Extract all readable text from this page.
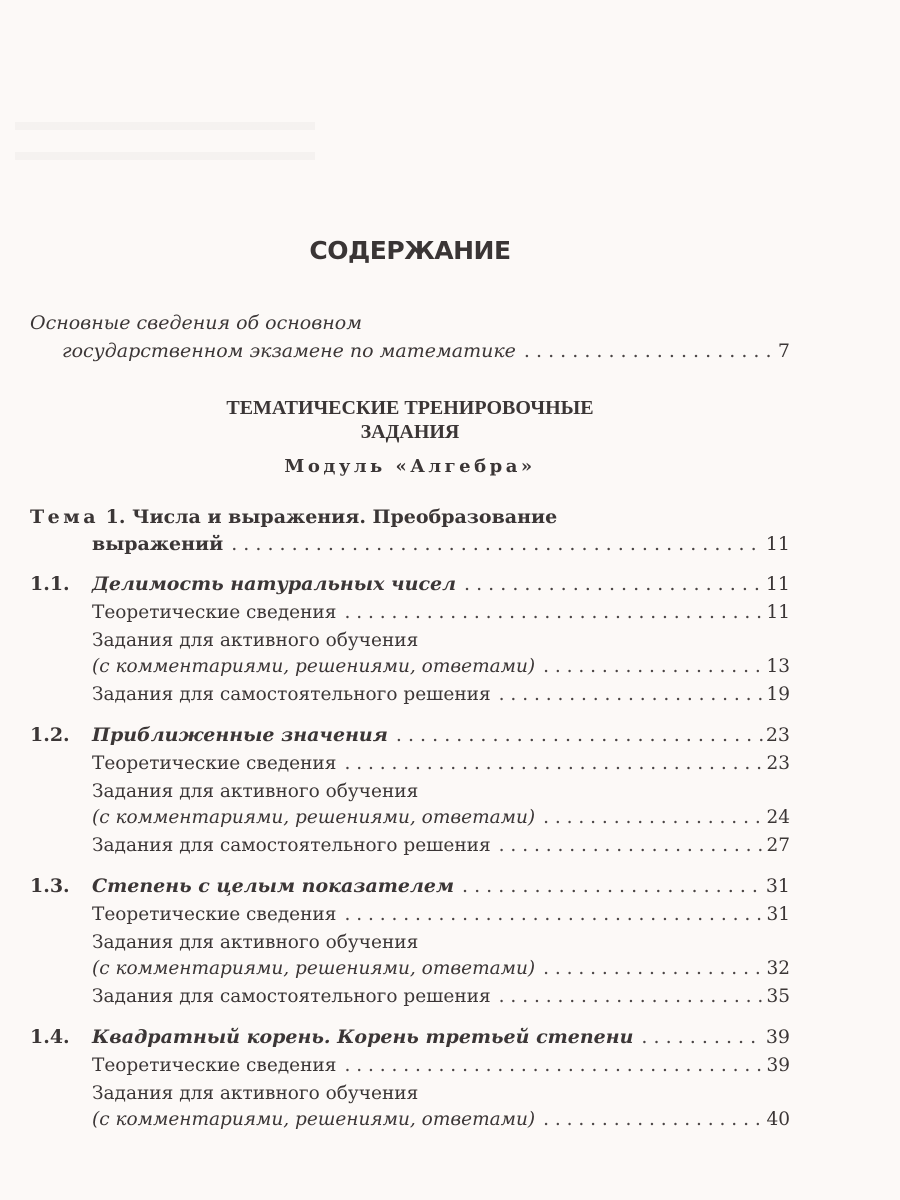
СОДЕРЖАНИЕ
Основные сведения об основном
государственном экзамене по математике . . .	7
ТЕМАТИЧЕСКИЕ ТРЕНИРОВОЧНЫЕ
ЗАДАНИЯ
Модуль «Алгебра»
Тема 1. Числа и выражения. Преобразование
выражений . . .	11
1.1. Делимость натуральных чисел . . .	11
Теоретические сведения . . .	11
Задания для активного обучения
(с комментариями, решениями, ответами) . . .	13
Задания для самостоятельного решения . . .	19
1.2. Приближенные значения . . .	23
Теоретические сведения . . .	23
Задания для активного обучения
(с комментариями, решениями, ответами) . . .	24
Задания для самостоятельного решения . . .	27
1.3. Степень с целым показателем . . .	31
Теоретические сведения . . .	31
Задания для активного обучения
(с комментариями, решениями, ответами) . . .	32
Задания для самостоятельного решения . . .	35
1.4. Квадратный корень. Корень третьей степени . . .	39
Теоретические сведения . . .	39
Задания для активного обучения
(с комментариями, решениями, ответами) . . .	40
